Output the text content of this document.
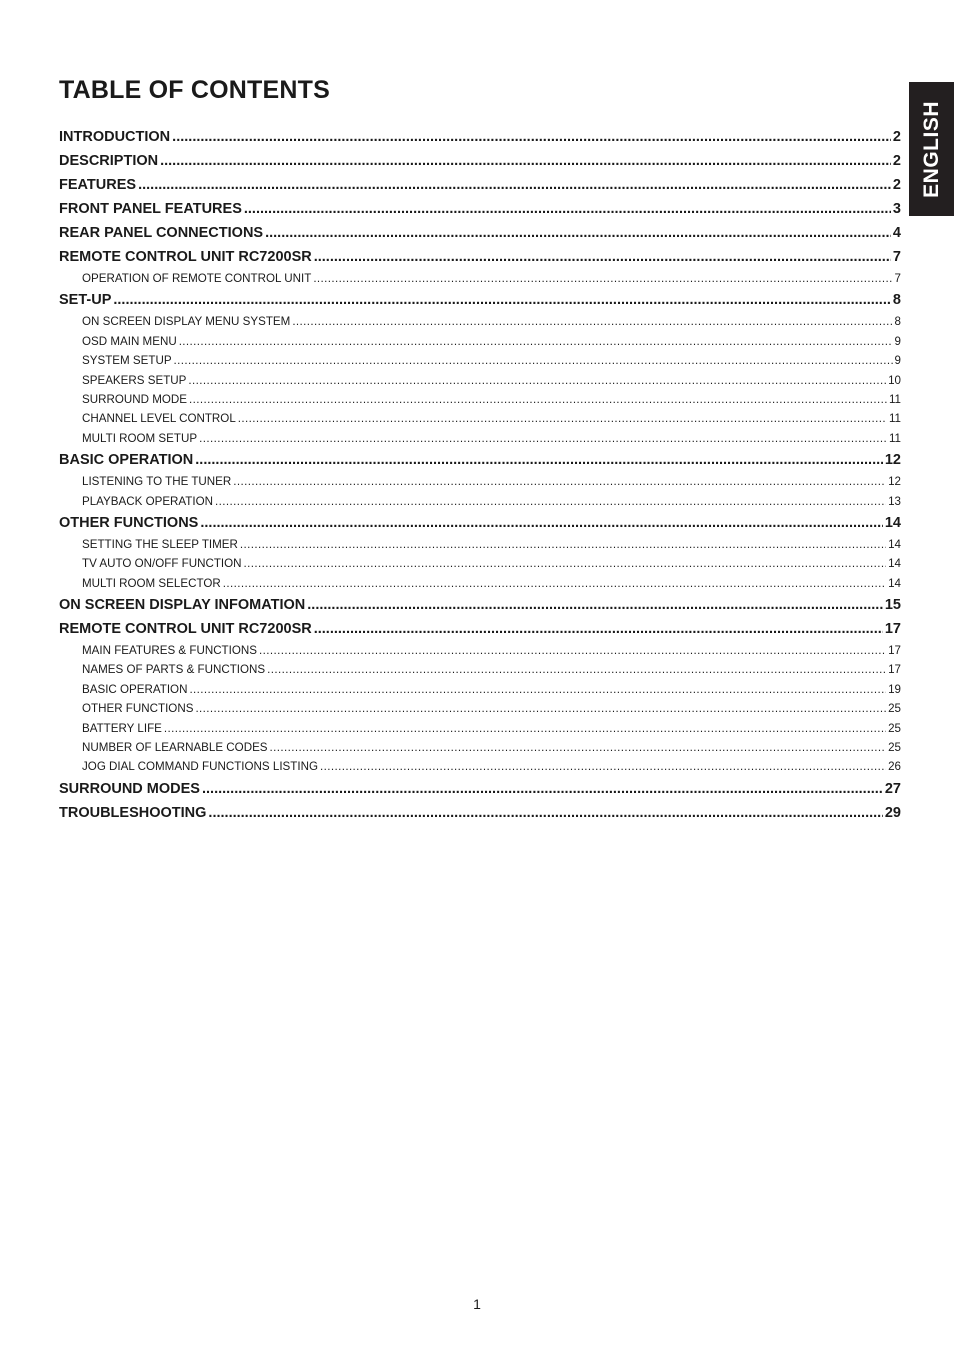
TABLE OF CONTENTS
ENGLISH
INTRODUCTION .....	2
DESCRIPTION .....	2
FEATURES .....	2
FRONT PANEL FEATURES .....	3
REAR PANEL CONNECTIONS .....	4
REMOTE CONTROL UNIT RC7200SR .....	7
OPERATION OF REMOTE CONTROL UNIT .....	7
SET-UP .....	8
ON SCREEN DISPLAY MENU SYSTEM .....	8
OSD MAIN MENU .....	9
SYSTEM SETUP .....	9
SPEAKERS SETUP .....	10
SURROUND MODE .....	11
CHANNEL LEVEL CONTROL .....	11
MULTI ROOM SETUP .....	11
BASIC OPERATION .....	12
LISTENING TO THE TUNER .....	12
PLAYBACK OPERATION .....	13
OTHER FUNCTIONS .....	14
SETTING THE SLEEP TIMER .....	14
TV AUTO ON/OFF FUNCTION .....	14
MULTI ROOM SELECTOR .....	14
ON SCREEN DISPLAY INFOMATION .....	15
REMOTE CONTROL UNIT RC7200SR .....	17
MAIN FEATURES & FUNCTIONS .....	17
NAMES OF PARTS & FUNCTIONS .....	17
BASIC OPERATION .....	19
OTHER FUNCTIONS .....	25
BATTERY LIFE .....	25
NUMBER OF LEARNABLE CODES .....	25
JOG DIAL COMMAND FUNCTIONS LISTING .....	26
SURROUND MODES .....	27
TROUBLESHOOTING .....	29
1
